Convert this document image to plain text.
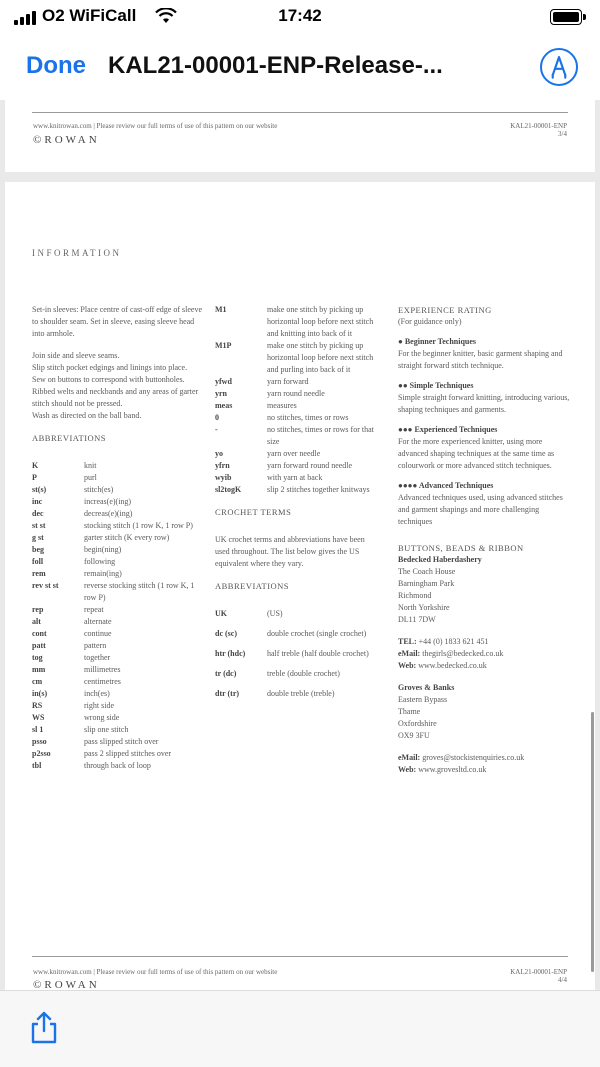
O2 WiFiCall	17:42
Done KAL21-00001-ENP-Release-...
www.knitrowan.com | Please review our full terms of use of this pattern on our website	KAL21-00001-ENP
3/4
©ROWAN
INFORMATION

Set-in sleeves: Place centre of cast-off edge of sleeve to shoulder seam. Set in sleeve, easing sleeve head into armhole.

Join side and sleeve seams.

Slip stitch pocket edgings and linings into place.

Sew on buttons to correspond with buttonholes.

Ribbed welts and neckbands and any areas of garter stitch should not be pressed.

Wash as directed on the ball band.

ABBREVIATIONS
K	knit
P	purl
st(s)	stitch(es)
inc	increas(e)(ing)
dec	decreas(e)(ing)
st st	stocking stitch (1 row K, 1 row P)
g st	garter stitch (K every row)
beg	begin(ning)
foll	following
rem	remain(ing)
rev st st	reverse stocking stitch (1 row K, 1 row P)
rep	repeat
alt	alternate
cont	continue
patt	pattern
tog	together
mm	millimetres
cm	centimetres
in(s)	inch(es)
RS	right side
WS	wrong side
sl 1	slip one stitch
psso	pass slipped stitch over
p2sso	pass 2 slipped stitches over
tbl	through back of loop
M1	make one stitch by picking up horizontal loop before next stitch and knitting into back of it
M1P	make one stitch by picking up horizontal loop before next stitch and purling into back of it
yfwd	yarn forward
yrn	yarn round needle
meas	measures
0	no stitches, times or rows
-	no stitches, times or rows for that size
yo	yarn over needle
yfrn	yarn forward round needle
wyib	with yarn at back
sl2togK	slip 2 stitches together knitways
CROCHET TERMS

UK crochet terms and abbreviations have been used throughout. The list below gives the US equivalent where they vary.

ABBREVIATIONS
UK	(US)
dc (sc)	double crochet (single crochet)
htr (hdc)	half treble (half double crochet)
tr (dc)	treble (double crochet)
dtr (tr)	double treble (treble)
EXPERIENCE RATING

(For guidance only)

● Beginner Techniques

For the beginner knitter, basic garment shaping and straight forward stitch technique.

●● Simple Techniques

Simple straight forward knitting, introducing various, shaping techniques and garments.

●●● Experienced Techniques

For the more experienced knitter, using more advanced shaping techniques at the same time as colourwork or more advanced stitch techniques.

●●●● Advanced Techniques

Advanced techniques used, using advanced stitches and garment shapings and more challenging techniques

BUTTONS, BEADS & RIBBON

Bedecked Haberdashery

The Coach House

Barningham Park

Richmond

North Yorkshire

DL11 7DW

TEL: +44 (0) 1833 621 451

eMail: thegirls@bedecked.co.uk

Web: www.bedecked.co.uk

Groves & Banks

Eastern Bypass

Thame

Oxfordshire

OX9 3FU

eMail: groves@stockistenquiries.co.uk

Web: www.grovesltd.co.uk

www.knitrowan.com | Please review our full terms of use of this pattern on our website	KAL21-00001-ENP
4/4
©ROWAN
